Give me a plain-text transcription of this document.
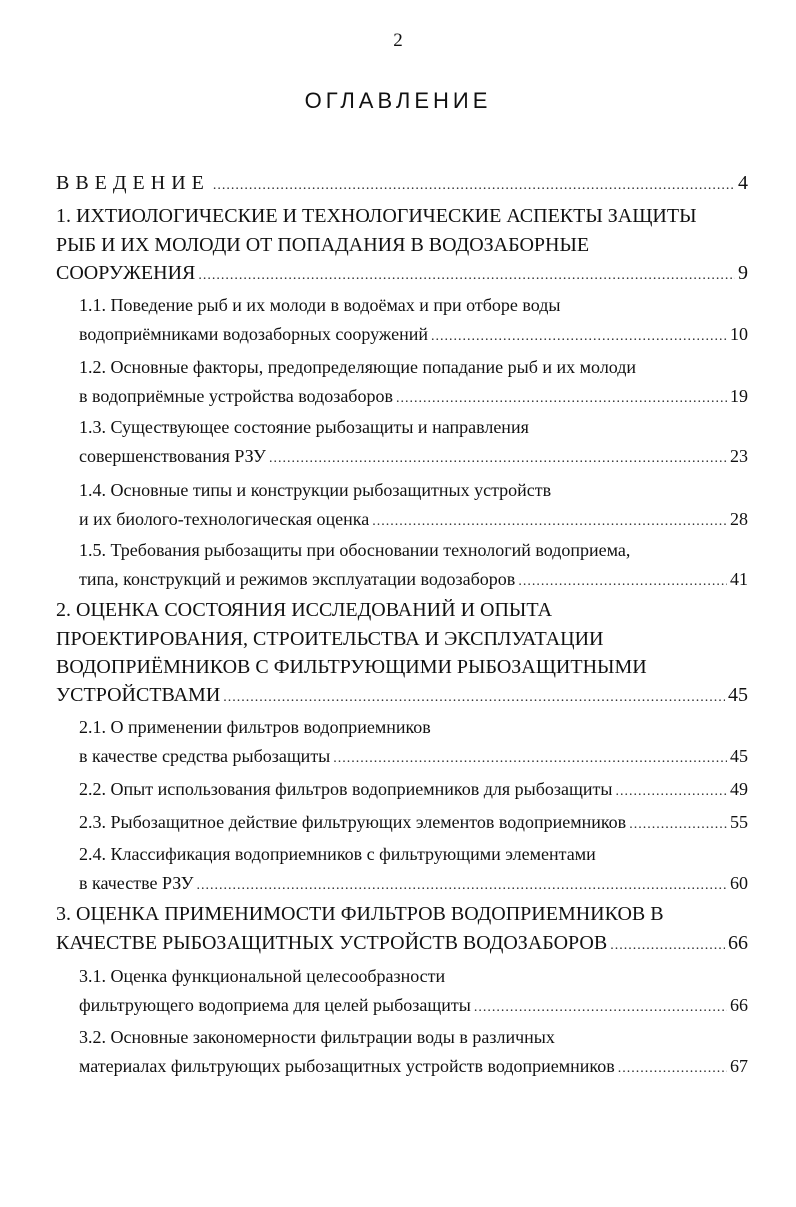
2
ОГЛАВЛЕНИЕ
ВВЕДЕНИЕ .....	4
1. ИХТИОЛОГИЧЕСКИЕ И ТЕХНОЛОГИЧЕСКИЕ АСПЕКТЫ ЗАЩИТЫ
РЫБ И ИХ МОЛОДИ ОТ ПОПАДАНИЯ В ВОДОЗАБОРНЫЕ
СООРУЖЕНИЯ .....	9
1.1. Поведение рыб и их молоди в водоёмах и при отборе воды
водоприёмниками водозаборных сооружений .....	10
1.2. Основные факторы, предопределяющие попадание рыб и их молоди
в водоприёмные устройства водозаборов .....	19
1.3. Существующее состояние рыбозащиты и направления
совершенствования РЗУ .....	23
1.4. Основные типы и конструкции рыбозащитных устройств
и их биолого-технологическая оценка .....	28
1.5. Требования рыбозащиты при обосновании технологий водоприема,
типа, конструкций и режимов эксплуатации водозаборов .....	41
2. ОЦЕНКА СОСТОЯНИЯ ИССЛЕДОВАНИЙ И ОПЫТА
ПРОЕКТИРОВАНИЯ, СТРОИТЕЛЬСТВА И ЭКСПЛУАТАЦИИ
ВОДОПРИЁМНИКОВ С ФИЛЬТРУЮЩИМИ РЫБОЗАЩИТНЫМИ
УСТРОЙСТВАМИ .....	45
2.1. О применении фильтров водоприемников
в качестве средства рыбозащиты .....	45
2.2. Опыт использования фильтров водоприемников для рыбозащиты .....	49
2.3. Рыбозащитное действие фильтрующих элементов водоприемников .....	55
2.4. Классификация водоприемников с фильтрующими элементами
в качестве РЗУ .....	60
3. ОЦЕНКА ПРИМЕНИМОСТИ ФИЛЬТРОВ ВОДОПРИЕМНИКОВ В
КАЧЕСТВЕ РЫБОЗАЩИТНЫХ УСТРОЙСТВ ВОДОЗАБОРОВ .....	66
3.1. Оценка функциональной целесообразности
фильтрующего водоприема для целей рыбозащиты .....	66
3.2. Основные закономерности фильтрации воды в различных
материалах фильтрующих рыбозащитных устройств водоприемников .....	67
